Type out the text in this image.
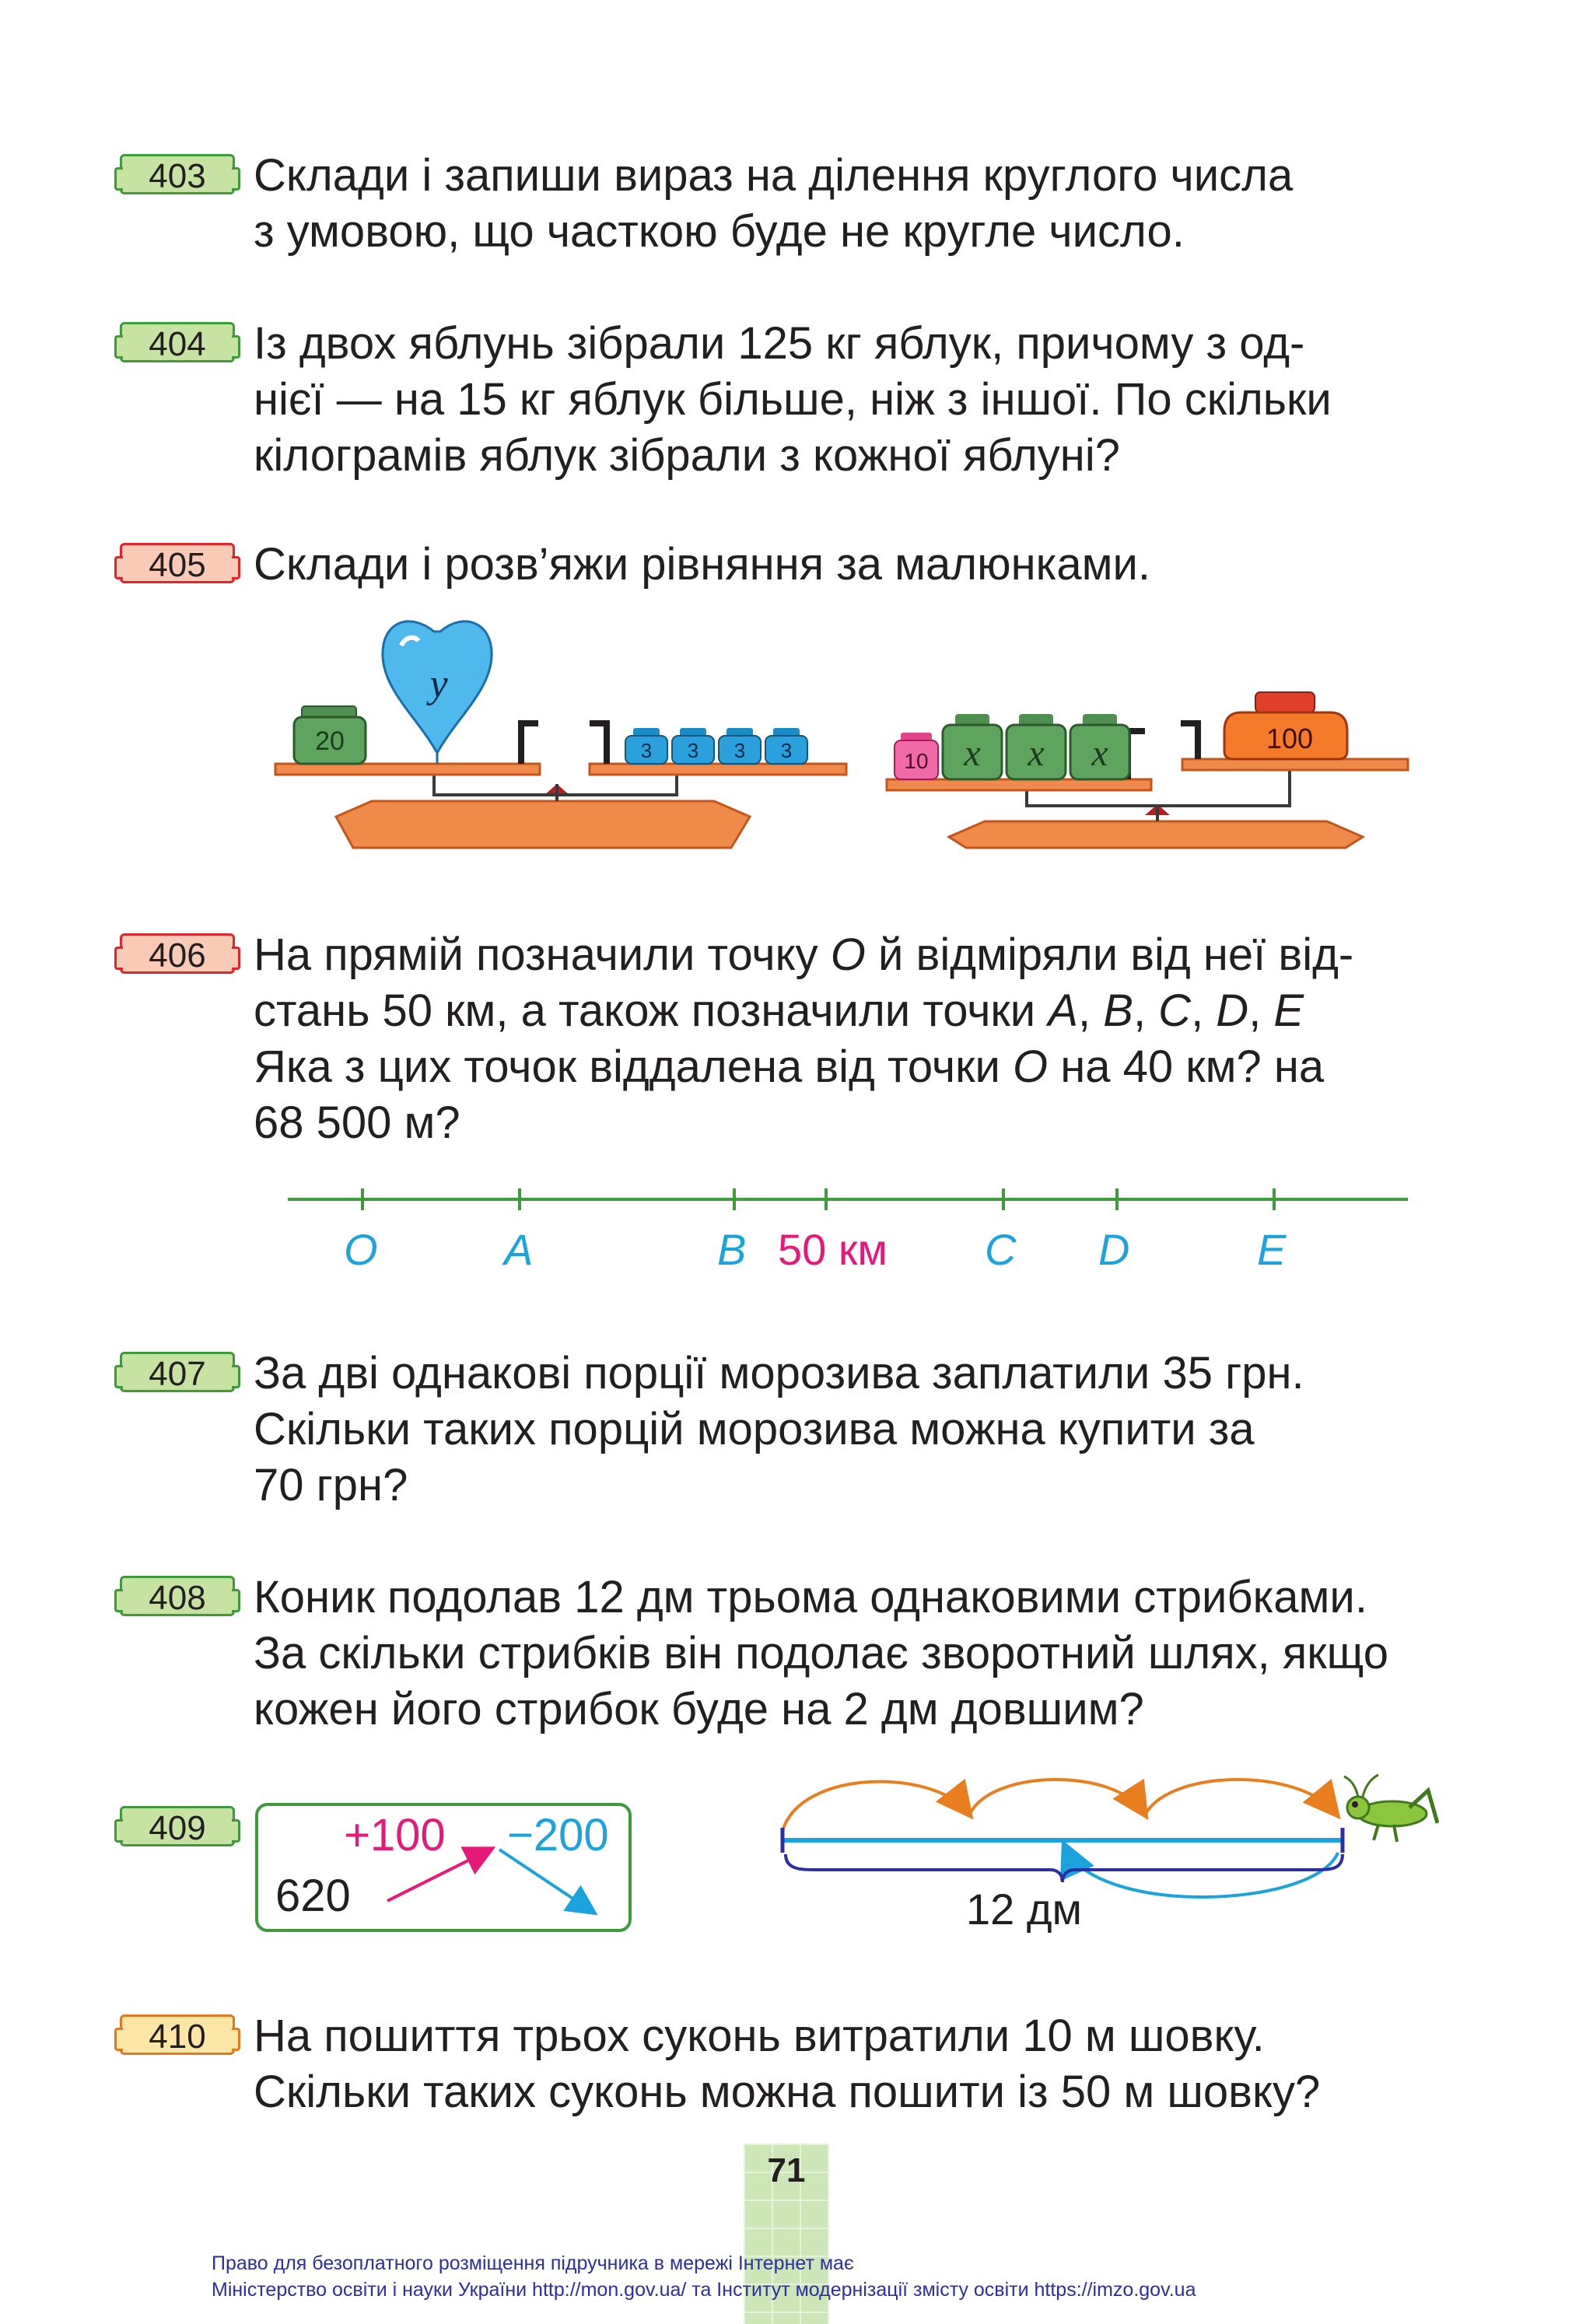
403	Склади і запиши вираз на ділення круглого числа

з умовою, що часткою буде не кругле число.

404	Із двох яблунь зібрали 125 кг яблук, причому з од-

нієї — на 15 кг яблук більше, ніж з іншої. По скільки

кілограмів яблук зібрали з кожної яблуні?

405	Склади і розв’яжи рівняння за малюнками.

20
y
3 3 3 3	10 x x x	100
406	На прямій позначили точку O й відміряли від неї від-

стань 50 км, а також позначили точки A, B, C, D, E

Яка з цих точок віддалена від точки O на 40 км? на

68 500 м?

O	A	B 50 км C D	E
407	За дві однакові порції морозива заплатили 35 грн.

Скільки таких порцій морозива можна купити за

70 грн?

408	Коник подолав 12 дм трьома однаковими стрибками.

За скільки стрибків він подолає зворотний шлях, якщо

кожен його стрибок буде на 2 дм довшим?

409
620
+100 −200
12 дм
410	На пошиття трьох суконь витратили 10 м шовку.

Скільки таких суконь можна пошити із 50 м шовку?

71
Право для безоплатного розміщення підручника в мережі Інтернет має
Міністерство освіти і науки України http://mon.gov.ua/ та Інститут модернізації змісту освіти https://imzo.gov.ua
